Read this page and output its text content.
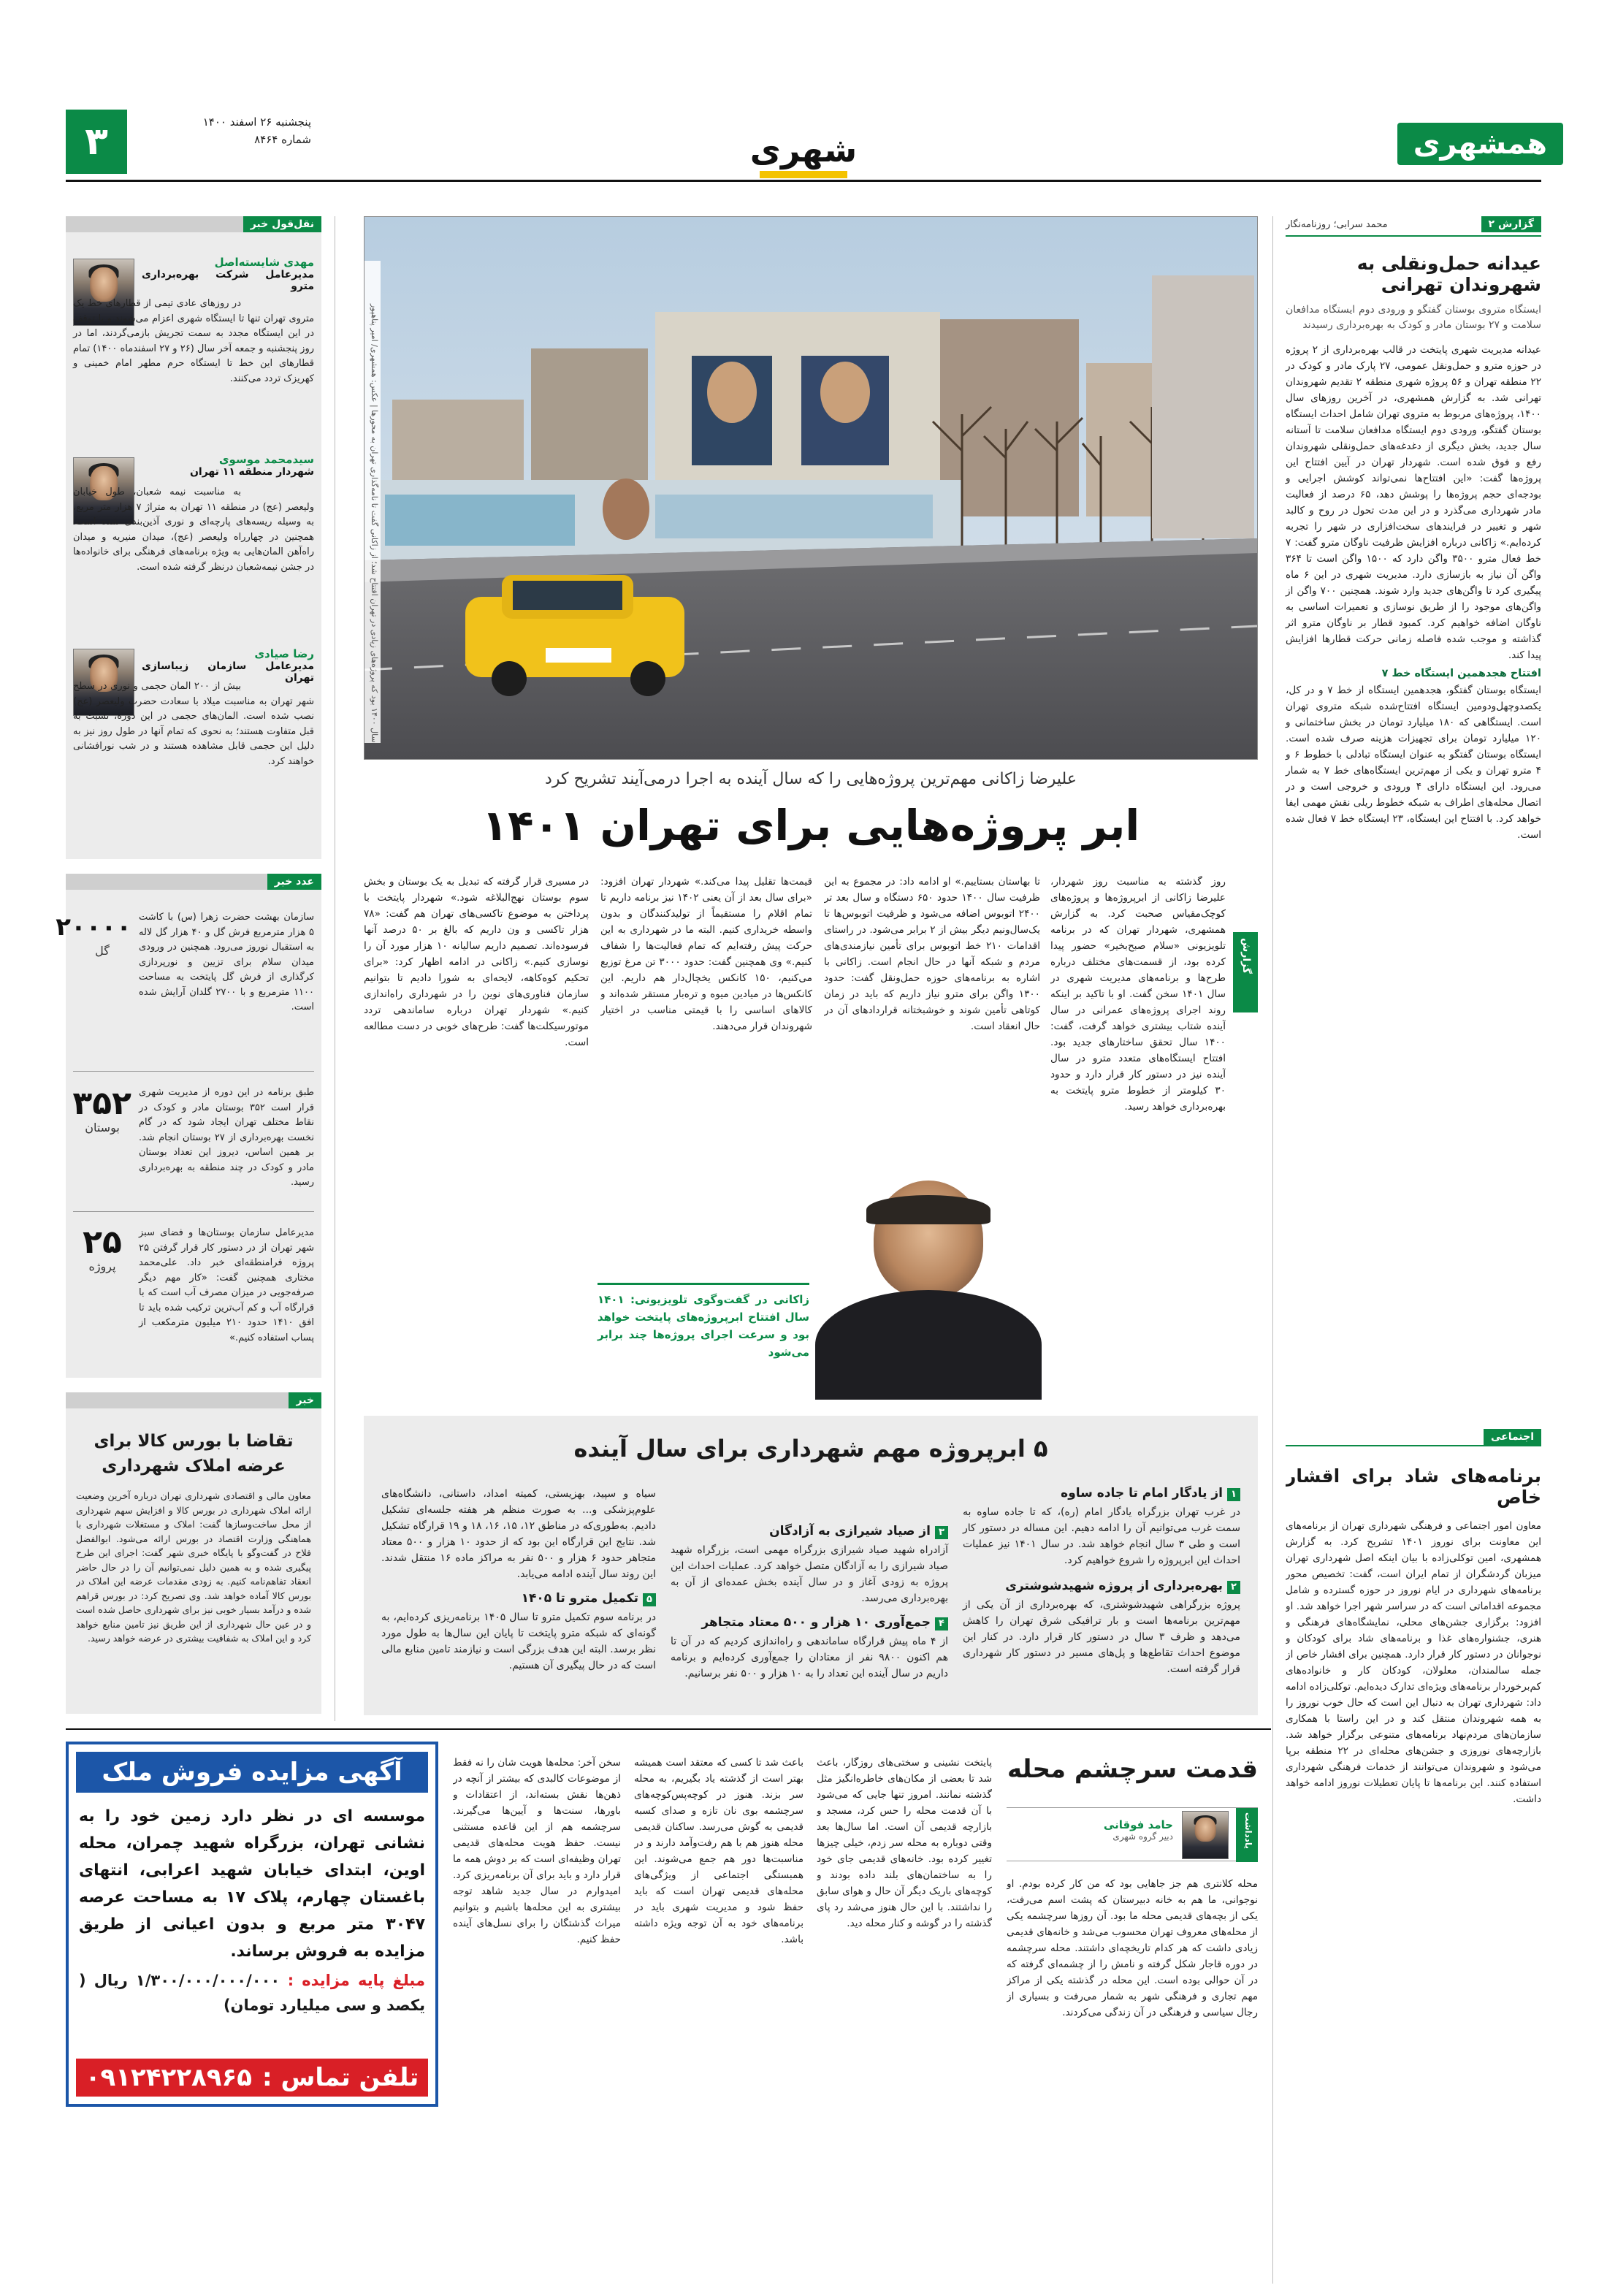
همشهری
شهری
۳	پنجشنبه ۲۶ اسفند ۱۴۰۰
شماره ۸۴۶۴
گزارش ۲
محمد سرابی؛ روزنامه‌نگار
عیدانه حمل‌ونقلی به شهروندان تهرانی
ایستگاه متروی بوستان گفتگو و ورودی دوم ایستگاه مدافعان سلامت و ۲۷ بوستان مادر و کودک به بهره‌برداری رسیدند
عیدانه مدیریت شهری پایتخت در قالب بهره‌برداری از ۲ پروژه در حوزه مترو و حمل‌ونقل عمومی، ۲۷ پارک مادر و کودک در ۲۲ منطقه تهران و ۵۶ پروژه شهری منطقه ۲ تقدیم شهروندان تهرانی شد. به گزارش همشهری، در آخرین روزهای سال ۱۴۰۰، پروژه‌های مربوط به متروی تهران شامل احداث ایستگاه بوستان گفتگو، ورودی دوم ایستگاه مدافعان سلامت تا آستانه سال جدید، بخش دیگری از دغدغه‌های حمل‌ونقلی شهروندان رفع و فوق شده است. شهردار تهران در آیین افتتاح این پروژه‌ها گفت: «این افتتاح‌ها نمی‌تواند کوشش اجرایی و بودجه‌ای حجم پروژه‌ها را پوشش دهد، ۶۵ درصد از فعالیت مادر شهرداری می‌گذرد و در این مدت تحول در روح و کالبد شهر و تغییر در فرایندهای سخت‌افزاری در شهر را تجربه کرده‌ایم.» زاکانی درباره افزایش ظرفیت ناوگان مترو گفت: ۷ خط فعال مترو ۳۵۰۰ واگن دارد که ۱۵۰۰ واگن است تا ۳۶۴ واگن آن نیاز به بازسازی دارد. مدیریت شهری در این ۶ ماه پیگیری کرد تا واگن‌های جدید وارد شوند. همچنین ۷۰۰ واگن از واگن‌های موجود را از طریق نوسازی و تعمیرات اساسی به ناوگان اضافه خواهیم کرد. کمبود قطار بر ناوگان مترو اثر گذاشته و موجب شده فاصله زمانی حرکت قطارها افزایش پیدا کند.
افتتاح هجدهمین ایستگاه خط ۷
ایستگاه بوستان گفتگو، هجدهمین ایستگاه از خط ۷ و در کل، یکصدوچهل‌ودومین ایستگاه افتتاح‌شده شبکه متروی تهران است. ایستگاهی که ۱۸۰ میلیارد تومان در بخش ساختمانی و ۱۲۰ میلیارد تومان برای تجهیزات هزینه صرف شده است. ایستگاه بوستان گفتگو به عنوان ایستگاه تبادلی با خطوط ۶ و ۴ مترو تهران و یکی از مهم‌ترین ایستگاه‌های خط ۷ به شمار می‌رود. این ایستگاه دارای ۴ ورودی و خروجی است و در اتصال محله‌های اطراف به شبکه خطوط ریلی نقش مهمی ایفا خواهد کرد. با افتتاح این ایستگاه، ۲۳ ایستگاه خط ۷ فعال شده است.
اجتماعی
برنامه‌های شاد برای اقشار خاص
معاون امور اجتماعی و فرهنگی شهرداری تهران از برنامه‌های این معاونت برای نوروز ۱۴۰۱ تشریح کرد. به گزارش همشهری، امین توکلی‌زاده با بیان اینکه اصل شهرداری تهران میزبان گردشگران از تمام ایران است، گفت: تخصیص محور برنامه‌های شهرداری در ایام نوروز در حوزه گسترده و شامل مجموعه اقداماتی است که در سراسر شهر اجرا خواهد شد. او افزود: برگزاری جشن‌های محلی، نمایشگاه‌های فرهنگی و هنری، جشنواره‌های غذا و برنامه‌های شاد برای کودکان و نوجوانان در دستور کار قرار دارد. همچنین برای اقشار خاص از جمله سالمندان، معلولان، کودکان کار و خانواده‌های کم‌برخوردار برنامه‌های ویژه‌ای تدارک دیده‌ایم. توکلی‌زاده ادامه داد: شهرداری تهران به دنبال این است که حال خوب نوروز را به همه شهروندان منتقل کند و در این راستا با همکاری سازمان‌های مردم‌نهاد برنامه‌های متنوعی برگزار خواهد شد. بازارچه‌های نوروزی و جشن‌های محله‌ای در ۲۲ منطقه برپا می‌شود و شهروندان می‌توانند از خدمات فرهنگی شهرداری استفاده کنند. این برنامه‌ها تا پایان تعطیلات نوروز ادامه خواهد داشت.
نقل‌قول خبر
مهدی شایسته‌اصل
مدیرعامل شرکت بهره‌برداری مترو
در روزهای عادی تیمی از قطارهای خط یک متروی تهران تنها تا ایستگاه شهری اعزام می‌شوند و با توقف در این ایستگاه مجدد به سمت تجریش بازمی‌گردند، اما در روز پنجشنبه و جمعه آخر سال (۲۶ و ۲۷ اسفندماه ۱۴۰۰) تمام قطارهای این خط تا ایستگاه حرم مطهر امام خمینی و کهریزک تردد می‌کنند.
سیدمحمد موسوی
شهردار منطقه ۱۱ تهران
به مناسبت نیمه شعبان، طول خیابان ولیعصر (عج) در منطقه ۱۱ تهران به متراژ ۷ هزار متر مربع، به وسیله ریسه‌های پارچه‌ای و نوری آذین‌بندی شده است. همچنین در چهارراه ولیعصر (عج)، میدان منیریه و میدان راه‌آهن المان‌هایی به ویژه برنامه‌های فرهنگی برای خانواده‌ها در جشن نیمه‌شعبان درنظر گرفته شده است.
رضا صیادی
مدیرعامل سازمان زیباسازی تهران
بیش از ۲۰۰ المان حجمی و نوری در سطح شهر تهران به مناسبت میلاد با سعادت حضرت ولیعصر (عج) نصب شده است. المان‌های حجمی در این دوره، نسبت به قبل متفاوت هستند؛ به نحوی که تمام آنها در طول روز نیز به دلیل این حجمی قابل مشاهده هستند و در شب نورافشانی خواهند کرد.
عدد خبر
۲۰۰۰۰
گل
سازمان بهشت حضرت زهرا (س) با کاشت ۵ هزار مترمربع فرش گل و ۴۰ هزار گل لاله به استقبال نوروز می‌رود. همچنین در ورودی میدان سلام برای تزیین و نورپردازی کرگذاری از فرش گل پایتخت به مساحت ۱۱۰۰ مترمربع و با ۲۷۰۰ گلدان آرایش شده است.
۳۵۲
بوستان
طبق برنامه در این دوره از مدیریت شهری قرار است ۳۵۲ بوستان مادر و کودک در نقاط مختلف تهران ایجاد شود که در گام نخست بهره‌برداری از ۲۷ بوستان انجام شد. بر همین اساس، دیروز این تعداد بوستان مادر و کودک در چند منطقه به بهره‌برداری رسید.
۲۵
پروژه
مدیرعامل سازمان بوستان‌ها و فضای سبز شهر تهران از در دستور کار قرار گرفتن ۲۵ پروژه فرامنطقه‌ای خبر داد. علی‌محمد مختاری همچنین گفت: «کار مهم دیگر صرفه‌جویی در میزان مصرف آب است که با قرارگاه آب و کم آب‌ترین ترکیب شده باید تا افق ۱۴۱۰ حدود ۲۱۰ میلیون مترمکعب از پساب استفاده کنیم.»
خبر
تقاضا با بورس کالا برای عرضه املاک شهرداری
معاون مالی و اقتصادی شهرداری تهران درباره آخرین وضعیت ارائه املاک شهرداری در بورس کالا و افزایش سهم شهرداری از محل ساخت‌وسازها گفت: املاک و مستغلات شهرداری با هماهنگی وزارت اقتصاد در بورس ارائه می‌شود. ابوالفضل فلاح در گفت‌وگو با پایگاه خبری شهر گفت: اجرای این طرح پیگیری شده و به همین دلیل نمی‌توانیم آن را در حال حاضر انعقاد تفاهم‌نامه کنیم. به زودی مقدمات عرضه این املاک در بورس کالا آماده خواهد شد. وی تصریح کرد: در بورس قراهم شده و درآمد بسیار خوبی نیز برای شهرداری حاصل شده است و در عین حال شهرداری از این طریق نیز تامین منابع خواهد کرد و این املاک به شفافیت بیشتری در عرضه خواهد رسید.
سال ۱۴۰۰ بود که پروژه‌های زیادی در تهران افتتاح شد؛ از زاکانی گفت تا نامه‌گذاری تهران به محورها | عکس: همشهری/ امیر پناهپور
علیرضا زاکانی مهم‌ترین پروژه‌هایی را که سال آینده به اجرا درمی‌آیند تشریح کرد
ابر پروژه‌هایی برای تهران ۱۴۰۱
گزارش
روز گذشته به مناسبت روز شهردار، علیرضا زاکانی از ابرپروژه‌ها و پروژه‌های کوچک‌مقیاس صحبت کرد. به گزارش همشهری، شهردار تهران که در برنامه تلویزیونی «سلام صبح‌بخیر» حضور پیدا کرده بود، از قسمت‌های مختلف درباره طرح‌ها و برنامه‌های مدیریت شهری در سال ۱۴۰۱ سخن گفت. او با تاکید بر اینکه روند اجرای پروژه‌های عمرانی در سال آینده شتاب بیشتری خواهد گرفت، گفت: ۱۴۰۰ سال تحقق ساختارهای جدید بود. افتتاح ایستگاه‌های متعدد مترو در سال آینده نیز در دستور کار قرار دارد و حدود ۳۰ کیلومتر از خطوط مترو پایتخت به بهره‌برداری خواهد رسید.
تا بهاستان بستاییم.» او ادامه داد: در مجموع به این ظرفیت سال ۱۴۰۰ حدود ۶۵۰ دستگاه و سال بعد تر ۲۴۰۰ اتوبوس اضافه می‌شود و ظرفیت اتوبوس‌ها تا یک‌سال‌ونیم دیگر بیش از ۲ برابر می‌شود. در راستای اقدامات ۲۱۰ خط اتوبوس برای تأمین نیازمندی‌های مردم و شبکه آنها در حال انجام است. زاکانی با اشاره به برنامه‌های حوزه حمل‌ونقل گفت: حدود ۱۳۰۰ واگن برای مترو نیاز داریم که باید در زمان کوتاهی تأمین شوند و خوشبختانه قراردادهای آن در حال انعقاد است.
قیمت‌ها تقلیل پیدا می‌کند.» شهردار تهران افزود: «برای سال بعد از آن یعنی ۱۴۰۲ نیز برنامه داریم تا تمام اقلام را مستقیماً از تولیدکنندگان و بدون واسطه خریداری کنیم. البته ما در شهرداری به این حرکت پیش رفته‌ایم که تمام فعالیت‌ها را شفاف کنیم.» وی همچنین گفت: حدود ۳۰۰۰ تن مرغ توزیع می‌کنیم، ۱۵۰ کانکس یخچال‌دار هم داریم. این کانکس‌ها در میادین میوه و تره‌بار مستقر شده‌اند و کالاهای اساسی را با قیمتی مناسب در اختیار شهروندان قرار می‌دهند.
در مسیری قرار گرفته که تبدیل به یک بوستان و بخش سوم بوستان نهج‌البلاغه شود.» شهردار پایتخت با پرداختن به موضوع تاکسی‌های تهران هم گفت: «۷۸ هزار تاکسی و ون داریم که بالغ بر ۵۰ درصد آنها فرسوده‌اند. تصمیم داریم سالیانه ۱۰ هزار مورد آن را نوسازی کنیم.» زاکانی در ادامه اظهار کرد: «برای تحکیم کوه‌کاهه، لایحه‌ای به شورا دادیم تا بتوانیم سازمان فناوری‌های نوین را در شهرداری راه‌اندازی کنیم.» شهردار تهران درباره ساماندهی تردد موتورسیکلت‌ها گفت: طرح‌های خوبی در دست مطالعه است.
زاکانی در گفت‌وگوی تلویزیونی: ۱۴۰۱ سال افتتاح ابرپروژه‌های پایتخت خواهد بود و سرعت اجرای پروژه‌ها چند برابر می‌شود
۵ ابرپروژه مهم شهرداری برای سال آینده
۱از یادگار امام تا جاده ساوه
در غرب تهران بزرگراه یادگار امام (ره)، که تا جاده ساوه به سمت غرب می‌توانیم آن را ادامه دهیم. این مساله در دستور کار است و طی ۳ سال انجام خواهد شد. در سال ۱۴۰۱ نیز عملیات احداث این ابرپروژه را شروع خواهیم کرد.
۲بهره‌برداری از پروژه شهیدشوشتری
پروژه بزرگراهی شهیدشوشتری، که بهره‌برداری از آن یکی از مهم‌ترین برنامه‌ها است و بار ترافیکی شرق تهران را کاهش می‌دهد و ظرف ۳ سال در دستور کار قرار دارد. در کنار این موضوع احداث تقاطع‌ها و پل‌های مسیر در دستور کار شهرداری قرار گرفته است.
۳از صیاد شیرازی به آزادگان
آزادراه شهید صیاد شیرازی بزرگراه مهمی است، بزرگراه شهید صیاد شیرازی را به آزادگان متصل خواهد کرد. عملیات احداث این پروژه به زودی آغاز و در سال آینده بخش عمده‌ای از آن به بهره‌برداری می‌رسد.
۴جمع‌آوری ۱۰ هزار و ۵۰۰ معتاد متجاهر
از ۴ ماه پیش قرارگاه ساماندهی و راه‌اندازی کردیم که در آن تا هم اکنون ۹۸۰۰ نفر از معتادان را جمع‌آوری کرده‌ایم و برنامه داریم در سال آینده این تعداد را به ۱۰ هزار و ۵۰۰ نفر برسانیم.
سیاه و سپید، بهزیستی، کمیته امداد، داستانی، دانشگاه‌های علوم‌پزشکی و... به صورت منظم هر هفته جلسه‌ای تشکیل دادیم. به‌طوری‌که در مناطق ۱۲، ۱۵، ۱۶، ۱۸ و ۱۹ قرارگاه تشکیل شد. نتایج این قرارگاه این بود که از حدود ۱۰ هزار و ۵۰۰ معتاد متجاهر حدود ۶ هزار و ۵۰۰ نفر به مراکز ماده ۱۶ منتقل شدند. این روند سال آینده ادامه می‌یابد.
۵تکمیل مترو تا ۱۴۰۵
در برنامه سوم تکمیل مترو تا سال ۱۴۰۵ برنامه‌ریزی کرده‌ایم، به گونه‌ای که شبکه مترو پایتخت تا پایان این سال‌ها به طول مورد نظر برسد. البته این هدف بزرگی است و نیازمند تامین منابع مالی است که در حال پیگیری آن هستیم.
قدمت سرچشم محله
یادداشت
حامد فوقانی
دبیر گروه شهری
محله کلانتری هم جز جاهایی بود که من کار کرده بودم. او نوجوانی، ما هم به خانه دبیرستان که پشت اسم می‌رفت، یکی از بچه‌های قدیمی محله ما بود. آن روزها سرچشمه یکی از محله‌های معروف تهران محسوب می‌شد و خانه‌های قدیمی زیادی داشت که هر کدام تاریخچه‌ای داشتند. محله سرچشمه در دوره قاجار شکل گرفته و نامش را از چشمه‌ای گرفته که در آن حوالی بوده است. این محله در گذشته یکی از مراکز مهم تجاری و فرهنگی شهر به شمار می‌رفت و بسیاری از رجال سیاسی و فرهنگی در آن زندگی می‌کردند.
پایتخت نشینی و سختی‌های روزگار، باعث شد تا بعضی از مکان‌های خاطره‌انگیز مثل گذشته نمانند. امروز تنها جایی که می‌شود با آن قدمت محله را حس کرد، مسجد و بازارچه قدیمی آن است. اما سال‌ها بعد وقتی دوباره به محله سر زدم، خیلی چیزها تغییر کرده بود. خانه‌های قدیمی جای خود را به ساختمان‌های بلند داده بودند و کوچه‌های باریک دیگر آن حال و هوای سابق را نداشتند. با این حال هنوز می‌شد رد پای گذشته را در گوشه و کنار محله دید.
باعث شد تا کسی که معتقد است همیشه بهتر است از گذشته یاد بگیریم، به محله سر بزند. هنوز در کوچه‌پس‌کوچه‌های سرچشمه بوی نان تازه و صدای کسبه قدیمی به گوش می‌رسد. ساکنان قدیمی محله هنوز هم با هم رفت‌وآمد دارند و در مناسبت‌ها دور هم جمع می‌شوند. این همبستگی اجتماعی از ویژگی‌های محله‌های قدیمی تهران است که باید حفظ شود و مدیریت شهری باید در برنامه‌های خود به آن توجه ویژه داشته باشد.
سخن آخر: محله‌ها هویت شان را نه فقط از موضوعات کالبدی که بیشتر از آنچه در ذهن‌ها نقش بسته‌اند، از اعتقادات و باورها، سنت‌ها و آیین‌ها می‌گیرند. سرچشمه هم از این قاعده مستثنی نیست. حفظ هویت محله‌های قدیمی تهران وظیفه‌ای است که بر دوش همه ما قرار دارد و باید برای آن برنامه‌ریزی کرد. امیدوارم در سال جدید شاهد توجه بیشتری به این محله‌ها باشیم و بتوانیم میراث گذشتگان را برای نسل‌های آینده حفظ کنیم.
آگهی مزایده فروش ملک
موسسه ای در نظر دارد زمین خود را به نشانی تهران، بزرگراه شهید چمران، محله اوین، ابتدای خیابان شهید اعرابی، انتهای باغستان چهارم، پلاک ۱۷ به مساحت عرصه ۳۰۴۷ متر مربع و بدون اعیانی از طریق مزایده به فروش برساند.
مبلغ پایه مزایده : ۱/۳۰۰/۰۰۰/۰۰۰/۰۰۰ ریال ( یکصد و سی میلیارد تومان)
تلفن تماس :
۰۹۱۲۴۲۲۸۹۶۵
